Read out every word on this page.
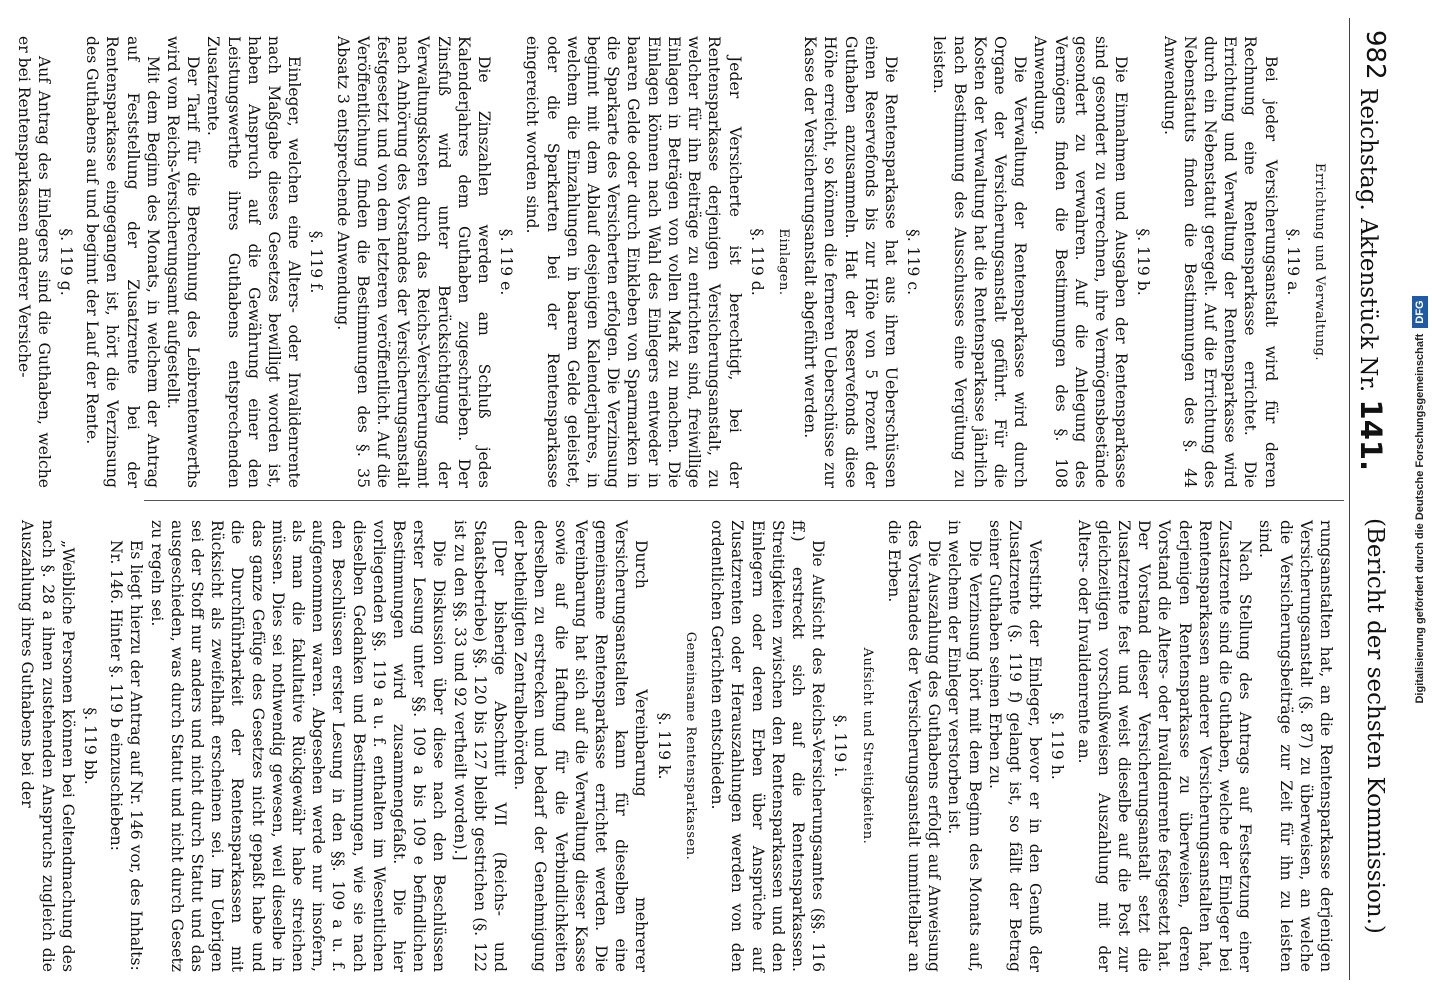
982
Reichstag. Aktenstück Nr. 141.
(Bericht der sechsten Kommission.)

Errichtung und Verwaltung.

§. 119 a.

Bei jeder Versicherungsanstalt wird für deren Rechnung eine Rentensparkasse errichtet. Die Errichtung und Verwaltung der Rentensparkasse wird durch ein Nebenstatut geregelt. Auf die Errichtung des Nebenstatuts finden die Bestimmungen des §. 44 Anwendung.

§. 119 b.

Die Einnahmen und Ausgaben der Rentensparkasse sind gesondert zu verrechnen, ihre Vermögensbestände gesondert zu verwahren. Auf die Anlegung des Vermögens finden die Bestimmungen des §. 108 Anwendung.

Die Verwaltung der Rentensparkasse wird durch Organe der Versicherungsanstalt geführt. Für die Kosten der Verwaltung hat die Rentensparkasse jährlich nach Bestimmung des Ausschusses eine Vergütung zu leisten.

§. 119 c.

Die Rentensparkasse hat aus ihren Ueberschüssen einen Reservefonds bis zur Höhe von 5 Prozent der Guthaben anzusammeln. Hat der Reservefonds diese Höhe erreicht, so können die ferneren Ueberschüsse zur Kasse der Versicherungsanstalt abgeführt werden.

Einlagen.

§. 119 d.

Jeder Versicherte ist berechtigt, bei der Rentensparkasse derjenigen Versicherungsanstalt, zu welcher für ihn Beiträge zu entrichten sind, freiwillige Einlagen in Beträgen von vollen Mark zu machen. Die Einlagen können nach Wahl des Einlegers entweder in baaren Gelde oder durch Einkleben von Sparmarken in die Sparkarte des Versicherten erfolgen. Die Verzinsung beginnt mit dem Ablauf desjenigen Kalenderjahres, in welchem die Einzahlungen in baarem Gelde geleistet, oder die Sparkarten bei der Rentensparkasse eingereicht worden sind.

§. 119 e.

Die Zinszahlen werden am Schluß jedes Kalenderjahres dem Guthaben zugeschrieben. Der Zinsfuß wird unter Berücksichtigung der Verwaltungskosten durch das Reichs-Versicherungsamt nach Anhörung des Vorstandes der Versicherungsanstalt festgesetzt und von dem letzteren veröffentlicht. Auf die Veröffentlichung finden die Bestimmungen des §. 35 Absatz 3 entsprechende Anwendung.

§. 119 f.

Einleger, welchen eine Alters- oder Invalidenrente nach Maßgabe dieses Gesetzes bewilligt worden ist, haben Anspruch auf die Gewährung einer den Leistungswerthe ihres Guthabens entsprechenden Zusatzrente.

Der Tarif für die Berechnung des Leibrentenwerths wird vom Reichs-Versicherungsamt aufgestellt.

Mit dem Beginn des Monats, in welchem der Antrag auf Feststellung der Zusatzrente bei der Rentensparkasse eingegangen ist, hört die Verzinsung des Guthabens auf und beginnt der Lauf der Rente.

§. 119 g.

Auf Antrag des Einlegers sind die Guthaben, welche er bei Rentensparkassen anderer Versiche-

rungsanstalten hat, an die Rentensparkasse derjenigen Versicherungsanstalt (§. 87) zu überweisen, an welche die Versicherungsbeiträge zur Zeit für ihn zu leisten sind.

Nach Stellung des Antrags auf Festsetzung einer Zusatzrente sind die Guthaben, welche der Einleger bei Rentensparkassen anderer Versicherungsanstalten hat, derjenigen Rentensparkasse zu überweisen, deren Vorstand die Alters- oder Invalidenrente festgesetzt hat. Der Vorstand dieser Versicherungsanstalt setzt die Zusatzrente fest und weist dieselbe auf die Post zur gleichzeitigen vorschußweisen Auszahlung mit der Alters- oder Invalidenrente an.

§. 119 h.

Verstirbt der Einleger, bevor er in den Genuß der Zusatzrente (§. 119 f) gelangt ist, so fällt der Betrag seiner Guthaben seinen Erben zu.

Die Verzinsung hört mit dem Beginn des Monats auf, in welchem der Einleger verstorben ist.

Die Auszahlung des Guthabens erfolgt auf Anweisung des Vorstandes der Versicherungsanstalt unmittelbar an die Erben.

Aufsicht und Streitigkeiten.

§. 119 i.

Die Aufsicht des Reichs-Versicherungsamtes (§§. 116 ff.) erstreckt sich auf die Rentensparkassen. Streitigkeiten zwischen den Rentensparkassen und den Einlegern oder deren Erben über Ansprüche auf Zusatzrenten oder Herauszahlungen werden von den ordentlichen Gerichten entschieden.

Gemeinsame Rentensparkassen.

§. 119 k.

Durch Vereinbarung mehrerer Versicherungsanstalten kann für dieselben eine gemeinsame Rentensparkasse errichtet werden. Die Vereinbarung hat sich auf die Verwaltung dieser Kasse sowie auf die Haftung für die Verbindlichkeiten derselben zu erstrecken und bedarf der Genehmigung der betheiligten Zentralbehörden.

[Der bisherige Abschnitt VII (Reichs- und Staatsbetriebe) §§. 120 bis 127 bleibt gestrichen (§. 122 ist zu den §§. 33 und 92 vertheilt worden).]

Die Diskussion über diese nach den Beschlüssen erster Lesung unter §§. 109 a bis 109 e befindlichen Bestimmungen wird zusammengefaßt. Die hier vorliegenden §§. 119 a u. f. enthalten im Wesentlichen dieselben Gedanken und Bestimmungen, wie sie nach den Beschlüssen erster Lesung in den §§. 109 a u. f. aufgenommen waren. Abgesehen werde nur insofern, als man die fakultative Rückgewähr habe streichen müssen. Dies sei nothwendig gewesen, weil dieselbe in das ganze Gefüge des Gesetzes nicht gepaßt habe und die Durchführbarkeit der Rentensparkassen mit Rücksicht als zweifelhaft erscheinen sei. Im Uebrigen sei der Stoff nur anders und nicht durch Statut und das ausgeschieden, was durch Statut und nicht durch Gesetz zu regeln sei.

Es liegt hierzu der Antrag auf Nr. 146 vor, des Inhalts:

Nr. 146. Hinter §. 119 b einzuschieben:

§. 119 bb.

„Weibliche Personen können bei Geltendmachung des nach §. 28 a ihnen zustehenden Anspruchs zugleich die Auszahlung ihres Guthabens bei der	Digitalisierung gefördert durch die Deutsche ForschungsgemeinschaftDFG
